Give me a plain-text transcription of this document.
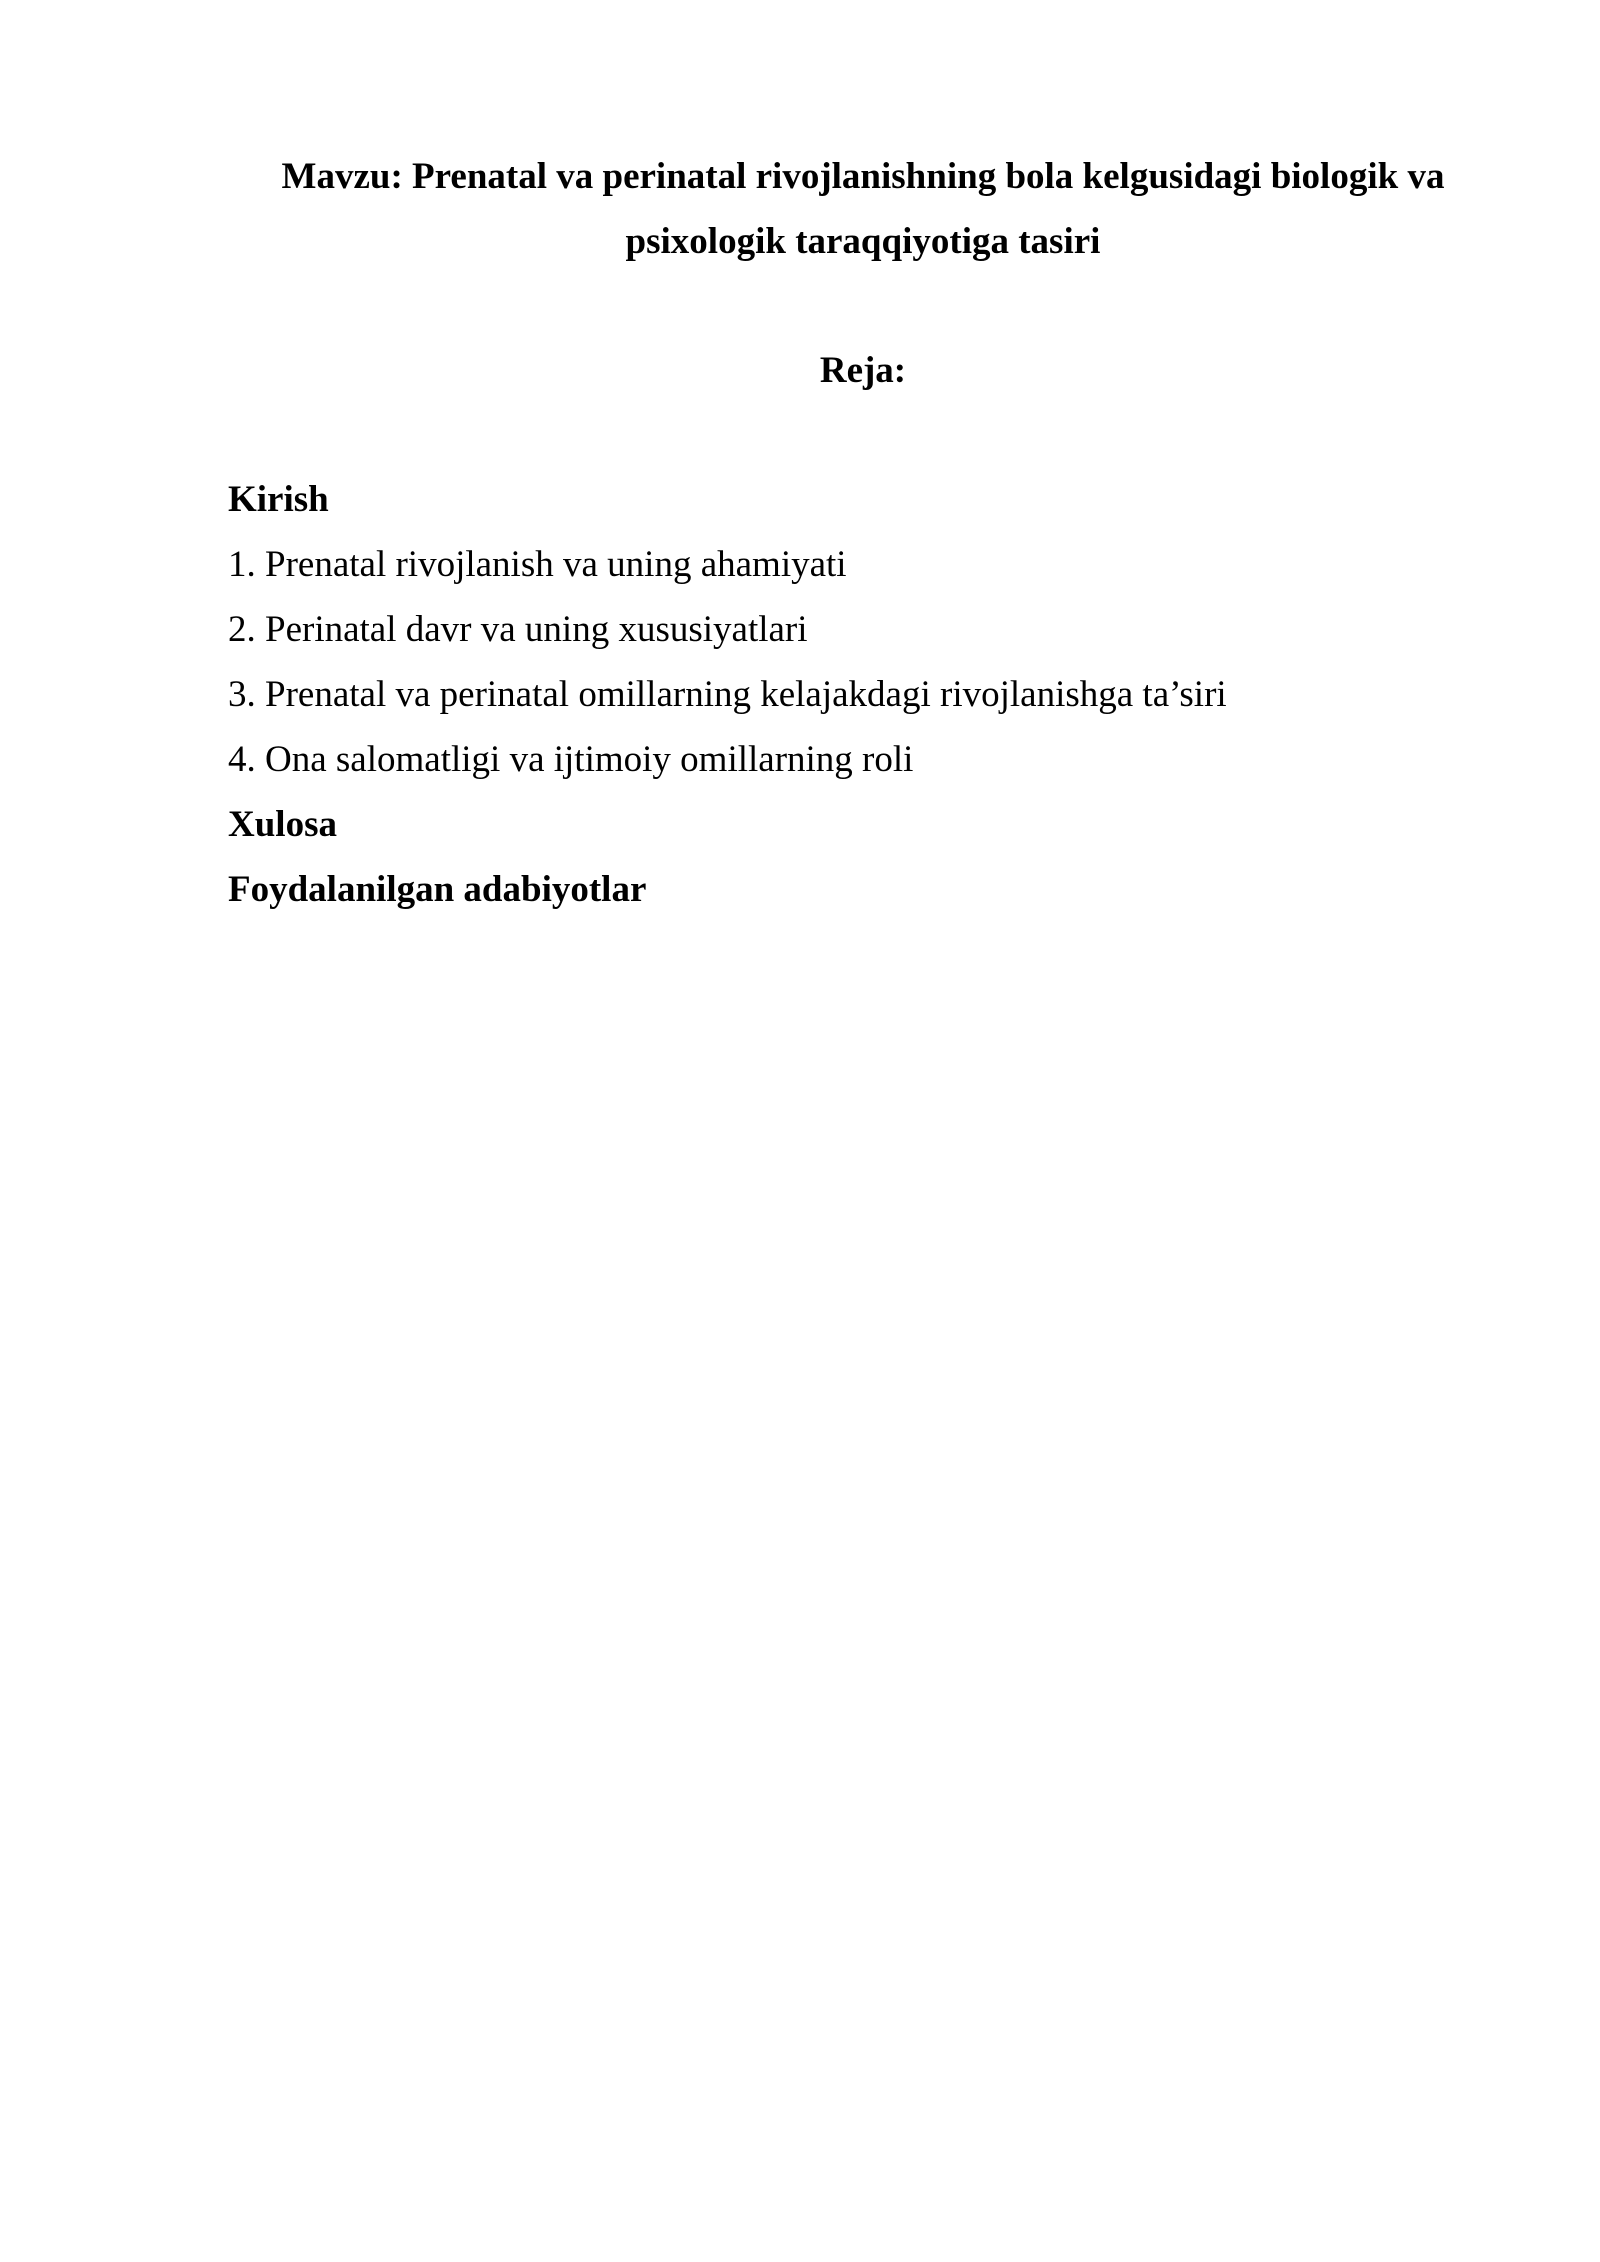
Mavzu: Prenatal va perinatal rivojlanishning bola kelgusidagi biologik va
psixologik taraqqiyotiga tasiri
Reja:
Kirish
1. Prenatal rivojlanish va uning ahamiyati
2. Perinatal davr va uning xususiyatlari
3. Prenatal va perinatal omillarning kelajakdagi rivojlanishga ta’siri
4. Ona salomatligi va ijtimoiy omillarning roli
Xulosa
Foydalanilgan adabiyotlar
